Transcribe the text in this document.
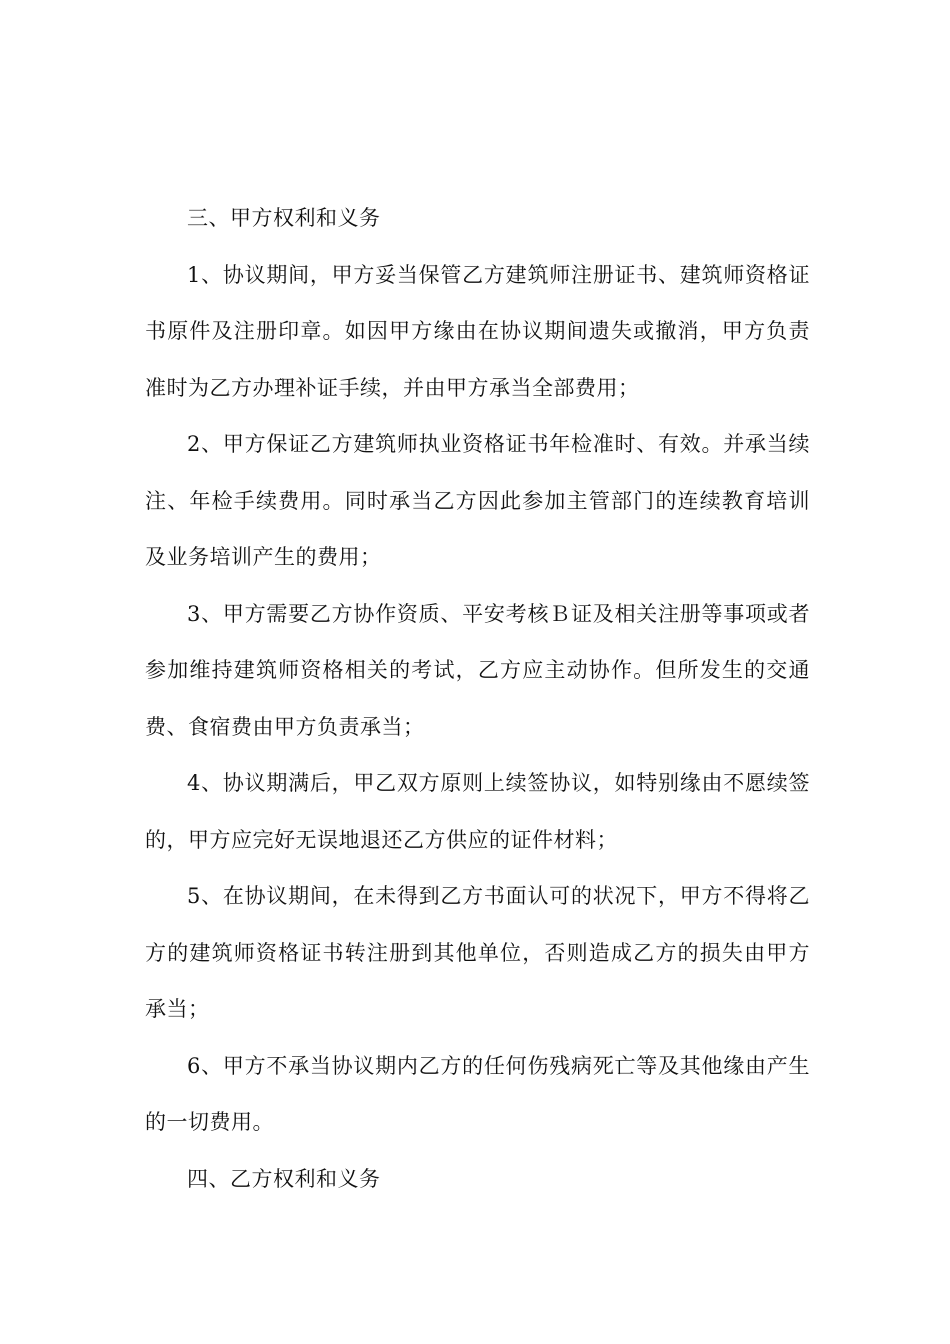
三、甲方权利和义务

1、协议期间，甲方妥当保管乙方建筑师注册证书、建筑师资格证书原件及注册印章。如因甲方缘由在协议期间遗失或撤消，甲方负责准时为乙方办理补证手续，并由甲方承当全部费用；

2、甲方保证乙方建筑师执业资格证书年检准时、有效。并承当续注、年检手续费用。同时承当乙方因此参加主管部门的连续教育培训及业务培训产生的费用；

3、甲方需要乙方协作资质、平安考核Ｂ证及相关注册等事项或者参加维持建筑师资格相关的考试，乙方应主动协作。但所发生的交通费、食宿费由甲方负责承当；

4、协议期满后，甲乙双方原则上续签协议，如特别缘由不愿续签的，甲方应完好无误地退还乙方供应的证件材料；

5、在协议期间，在未得到乙方书面认可的状况下，甲方不得将乙方的建筑师资格证书转注册到其他单位，否则造成乙方的损失由甲方承当；

6、甲方不承当协议期内乙方的任何伤残病死亡等及其他缘由产生的一切费用。

四、乙方权利和义务
